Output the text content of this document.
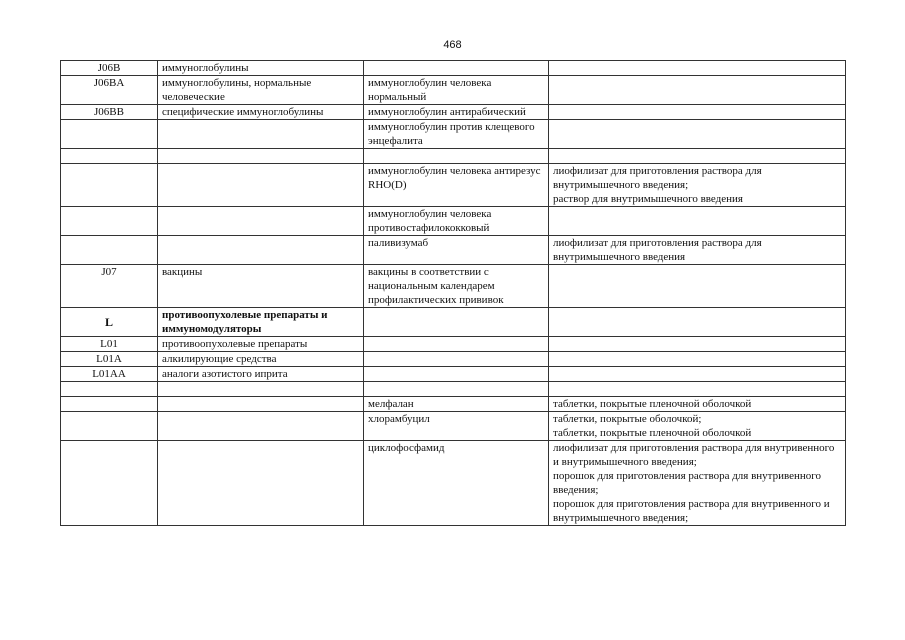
468
J06B	иммуноглобулины		
J06BA	иммуноглобулины, нормальные человеческие	иммуноглобулин человека нормальный	
J06BB	специфические иммуноглобулины	иммуноглобулин антирабический	
		иммуноглобулин против клещевого энцефалита	

		иммуноглобулин человека антирезус RHO(D)	лиофилизат для приготовления раствора для внутримышечного введения;
раствор для внутримышечного введения
		иммуноглобулин человека противостафилококковый	
		паливизумаб	лиофилизат для приготовления раствора для внутримышечного введения
J07	вакцины	вакцины в соответствии с национальным календарем профилактических прививок	
L	противоопухолевые препараты и иммуномодуляторы		
L01	противоопухолевые препараты		
L01A	алкилирующие средства		
L01AA	аналоги азотистого иприта		

		мелфалан	таблетки, покрытые пленочной оболочкой
		хлорамбуцил	таблетки, покрытые оболочкой;
таблетки, покрытые пленочной оболочкой
		циклофосфамид	лиофилизат для приготовления раствора для внутривенного и внутримышечного введения;
порошок для приготовления раствора для внутривенного введения;
порошок для приготовления раствора для внутривенного и внутримышечного введения;
